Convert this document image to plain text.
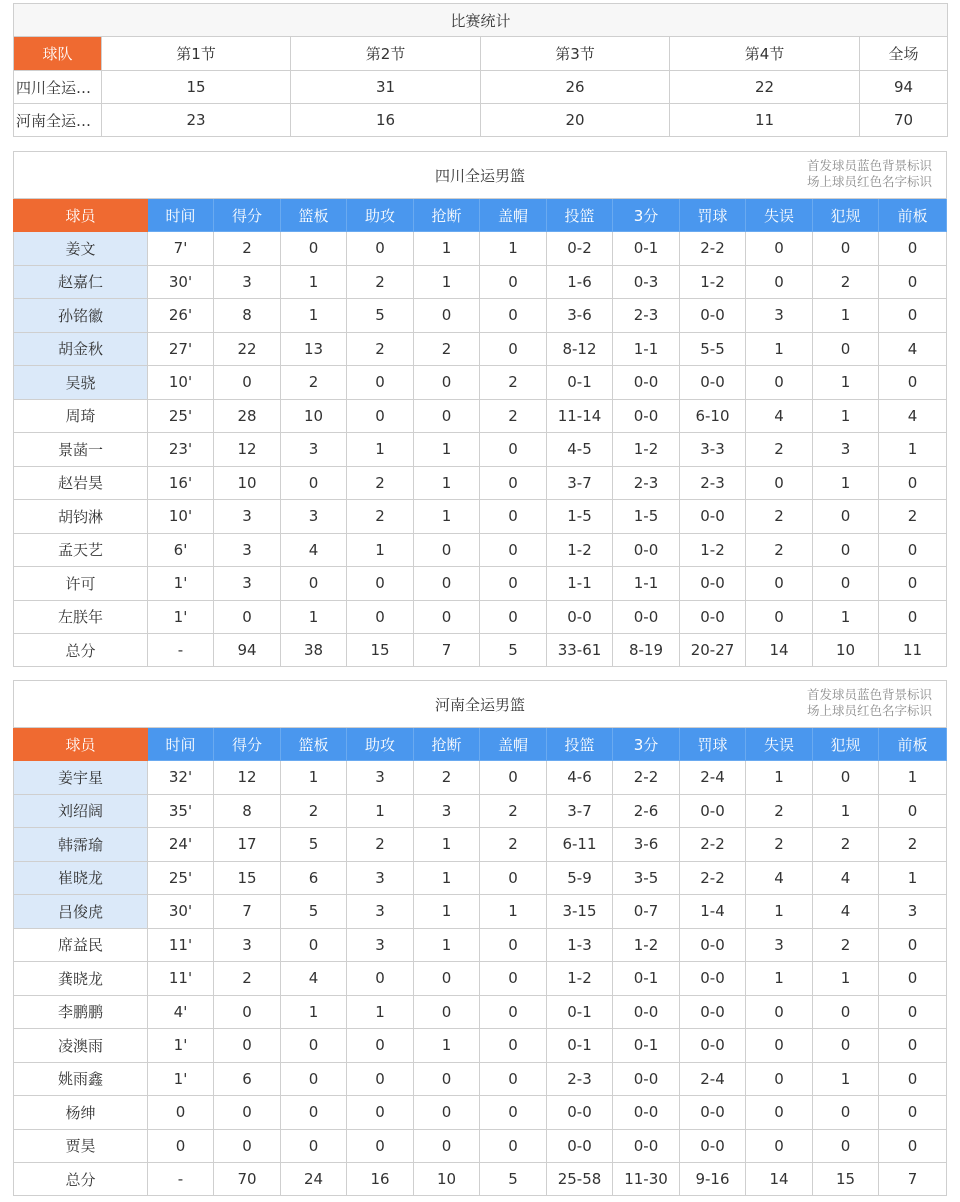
比赛统计					
球队	第1节	第2节	第3节	第4节	全场
四川全运…	15	31	26	22	94
河南全运…	23	16	20	11	70
四川全运男篮
首发球员蓝色背景标识
场上球员红色名字标识												

球员	时间	得分	篮板	助攻	抢断	盖帽	投篮	3分	罚球	失误	犯规	前板
姜文	7'	2	0	0	1	1	0-2	0-1	2-2	0	0	0
赵嘉仁	30'	3	1	2	1	0	1-6	0-3	1-2	0	2	0
孙铭徽	26'	8	1	5	0	0	3-6	2-3	0-0	3	1	0
胡金秋	27'	22	13	2	2	0	8-12	1-1	5-5	1	0	4
吴骁	10'	0	2	0	0	2	0-1	0-0	0-0	0	1	0
周琦	25'	28	10	0	0	2	11-14	0-0	6-10	4	1	4
景菡一	23'	12	3	1	1	0	4-5	1-2	3-3	2	3	1
赵岩昊	16'	10	0	2	1	0	3-7	2-3	2-3	0	1	0
胡钧淋	10'	3	3	2	1	0	1-5	1-5	0-0	2	0	2
孟天艺	6'	3	4	1	0	0	1-2	0-0	1-2	2	0	0
许可	1'	3	0	0	0	0	1-1	1-1	0-0	0	0	0
左朕年	1'	0	1	0	0	0	0-0	0-0	0-0	0	1	0
总分	-	94	38	15	7	5	33-61	8-19	20-27	14	10	11
河南全运男篮
首发球员蓝色背景标识
场上球员红色名字标识												

球员	时间	得分	篮板	助攻	抢断	盖帽	投篮	3分	罚球	失误	犯规	前板
姜宇星	32'	12	1	3	2	0	4-6	2-2	2-4	1	0	1
刘绍阔	35'	8	2	1	3	2	3-7	2-6	0-0	2	1	0
韩霈瑜	24'	17	5	2	1	2	6-11	3-6	2-2	2	2	2
崔晓龙	25'	15	6	3	1	0	5-9	3-5	2-2	4	4	1
吕俊虎	30'	7	5	3	1	1	3-15	0-7	1-4	1	4	3
席益民	11'	3	0	3	1	0	1-3	1-2	0-0	3	2	0
龚晓龙	11'	2	4	0	0	0	1-2	0-1	0-0	1	1	0
李鹏鹏	4'	0	1	1	0	0	0-1	0-0	0-0	0	0	0
凌澳雨	1'	0	0	0	1	0	0-1	0-1	0-0	0	0	0
姚雨鑫	1'	6	0	0	0	0	2-3	0-0	2-4	0	1	0
杨绅	0	0	0	0	0	0	0-0	0-0	0-0	0	0	0
贾昊	0	0	0	0	0	0	0-0	0-0	0-0	0	0	0
总分	-	70	24	16	10	5	25-58	11-30	9-16	14	15	7
